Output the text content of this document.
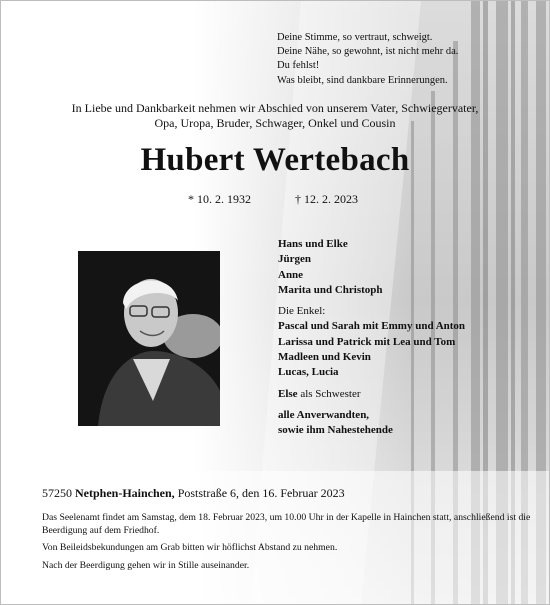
Deine Stimme, so vertraut, schweigt.
Deine Nähe, so gewohnt, ist nicht mehr da.
Du fehlst!
Was bleibt, sind dankbare Erinnerungen.
In Liebe und Dankbarkeit nehmen wir Abschied von unserem Vater, Schwiegervater,
Opa, Uropa, Bruder, Schwager, Onkel und Cousin
Hubert Wertebach
* 10. 2. 1932	† 12. 2. 2023
Hans und Elke
Jürgen
Anne
Marita und Christoph
Die Enkel:
Pascal und Sarah mit Emmy und Anton
Larissa und Patrick mit Lea und Tom
Madleen und Kevin
Lucas, Lucia
Else als Schwester
alle Anverwandten,
sowie ihm Nahestehende
57250 Netphen-Hainchen, Poststraße 6, den 16. Februar 2023

Das Seelenamt findet am Samstag, dem 18. Februar 2023, um 10.00 Uhr in der Kapelle in Hainchen statt, anschließend ist die Beerdigung auf dem Friedhof.

Von Beileidsbekundungen am Grab bitten wir höflichst Abstand zu nehmen.

Nach der Beerdigung gehen wir in Stille auseinander.
